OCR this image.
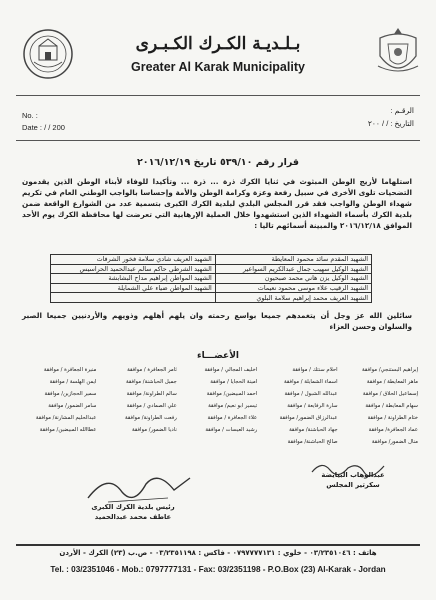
بـلـديـة الكـرك الكـبـرى
Greater Al Karak Municipality
No. :
Date : / / 200
الرقـم :
التاريخ : / / ٢٠٠
قرار رقم ٥٣٩/١٠ تاريخ ٢٠١٦/١٢/١٩
استلهاما لأريج الوطن المبثوث في ثنايا الكرك ذرة ... ذرة ... وتأكيدا للوفاء لأبناء الوطن الذين يقدمون التضحيات تلوى الأخرى في سبيل رفعة وعزة وكرامة الوطن والأمة وإحساسا بالواجب الوطني العام في تكريم شهداء الوطن والواجب فقد قرر المجلس البلدي لبلدية الكرك الكبرى بتسمية عدد من الشوارع الواقعة ضمن بلدية الكرك بأسماء الشهداء الذين استشهدوا خلال العملية الإرهابية التي تعرضت لها محافظة الكرك يوم الأحد الموافق ٢٠١٦/١٢/١٨ والمبينة أسمائهم تاليا :
الشهيد المقدم سائد محمود المعايطة	الشهيد العريف شادي سلامة فخور الشرفات
الشهيد الوكيل سهيب جمال عبدالكريم السواعير	الشهيد الشرطي حاكم سالم عبدالحميد الحراسيس
الشهيد الوكيل يزن هاني محمد صبحيون	الشهيد المواطن إبراهيم مداح البشابشة
الشهيد الرقيب علاء موسى محمود نعيمات	الشهيد المواطن ضياء علي الشمايلة
الشهيد العريف محمد إبراهيم سلامة البلوي	
سائلين الله عز وجل أن يتغمدهم جميعا بواسع رحمته وان يلهم أهلهم وذويهم والأردنيين جميعا الصبر والسلوان وحسن العزاء
الأعضـــاء
إبراهيم البستنجي/ موافقة
أحلام سنتك / موافقة
اخليف المجالي / موافقة
ثامر الجعافرة / موافقة
منيرة الجعافرة / موافقة
ماهر المعايطة / موافقة
أسماء الشمايلة / موافقة
أمينة الحجايا / موافقة
جميل الحباشنة/ موافقة
أيمن الهلسة / موافقة
إسماعيل الحلاق / موافقة
عبدالله الشبول / موافقة
أحمد المبيضين/ موافقة
سالم الطراونة/ موافقة
سمير الحجازين/ موافقة
سهام المعايطة / موافقة
سارة الرفايعة / موافقة
تيسير ابو نعيم/ موافقة
علي الصمادي / موافقة
سامر الضمور/ موافقة
ختام الطراونة / موافقة
عبدالرزاق الضمور/ موافقة
علاء الجعافرة / موافقة
رفعت الطراونة/ موافقة
عبدالحليم المشارنة/ موافقة
عماد الجعافرة/ موافقة
جهاد الحباشنة/ موافقة
رشيد العيسات / موافقة
ناديا الضمور/ موافقة
عطاالله المبيضين/ موافقة
منال الضمور/ موافقة
صالح الحباشنة/ موافقة
عبدالوهاب البيايضة
سكرتير المجلس
رئيس بلدية الكرك الكبرى
عاطف محمد عبدالحميد
هاتف : ٠٣/٢٣٥١٠٤٦ - خلوي : ٠٧٩٧٧٧٧١٣١ - فاكس : ٠٣/٢٣٥١١٩٨ - ص.ب (٢٣) الكرك - الأردن
Tel. : 03/2351046 - Mob.: 0797777131 - Fax: 03/2351198 - P.O.Box (23) Al-Karak - Jordan
